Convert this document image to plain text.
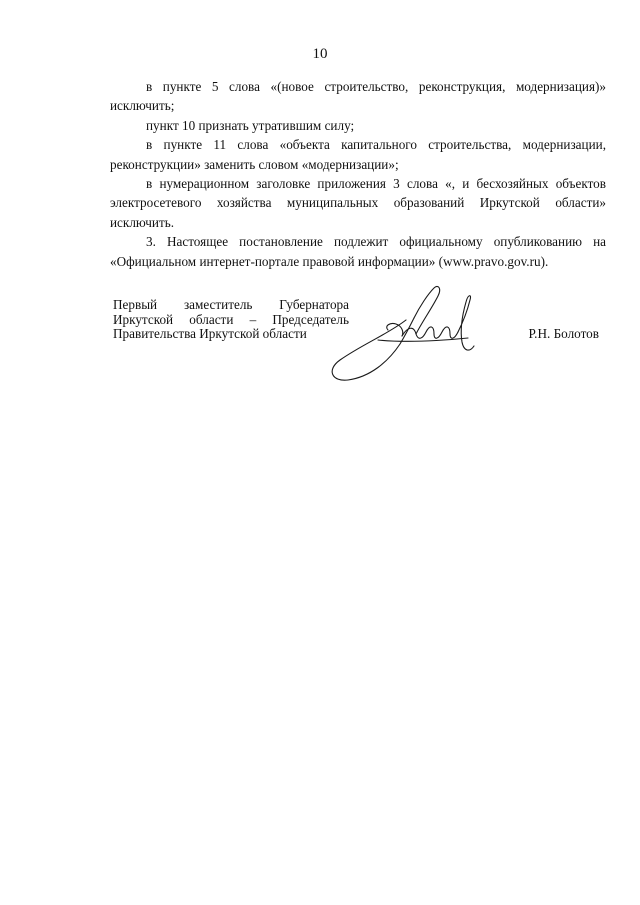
10

в пункте 5 слова «(новое строительство, реконструкция, модернизация)» исключить;

пункт 10 признать утратившим силу;

в пункте 11 слова «объекта капитального строительства, модернизации, реконструкции» заменить словом «модернизации»;

в нумерационном заголовке приложения 3 слова «, и бесхозяйных объектов электросетевого хозяйства муниципальных образований Иркутской области» исключить.

3. Настоящее постановление подлежит официальному опубликованию на «Официальном интернет-портале правовой информации» (www.pravo.gov.ru).

Первый заместитель Губернатора
Иркутской области – Председатель
Правительства Иркутской области	Р.Н. Болотов
